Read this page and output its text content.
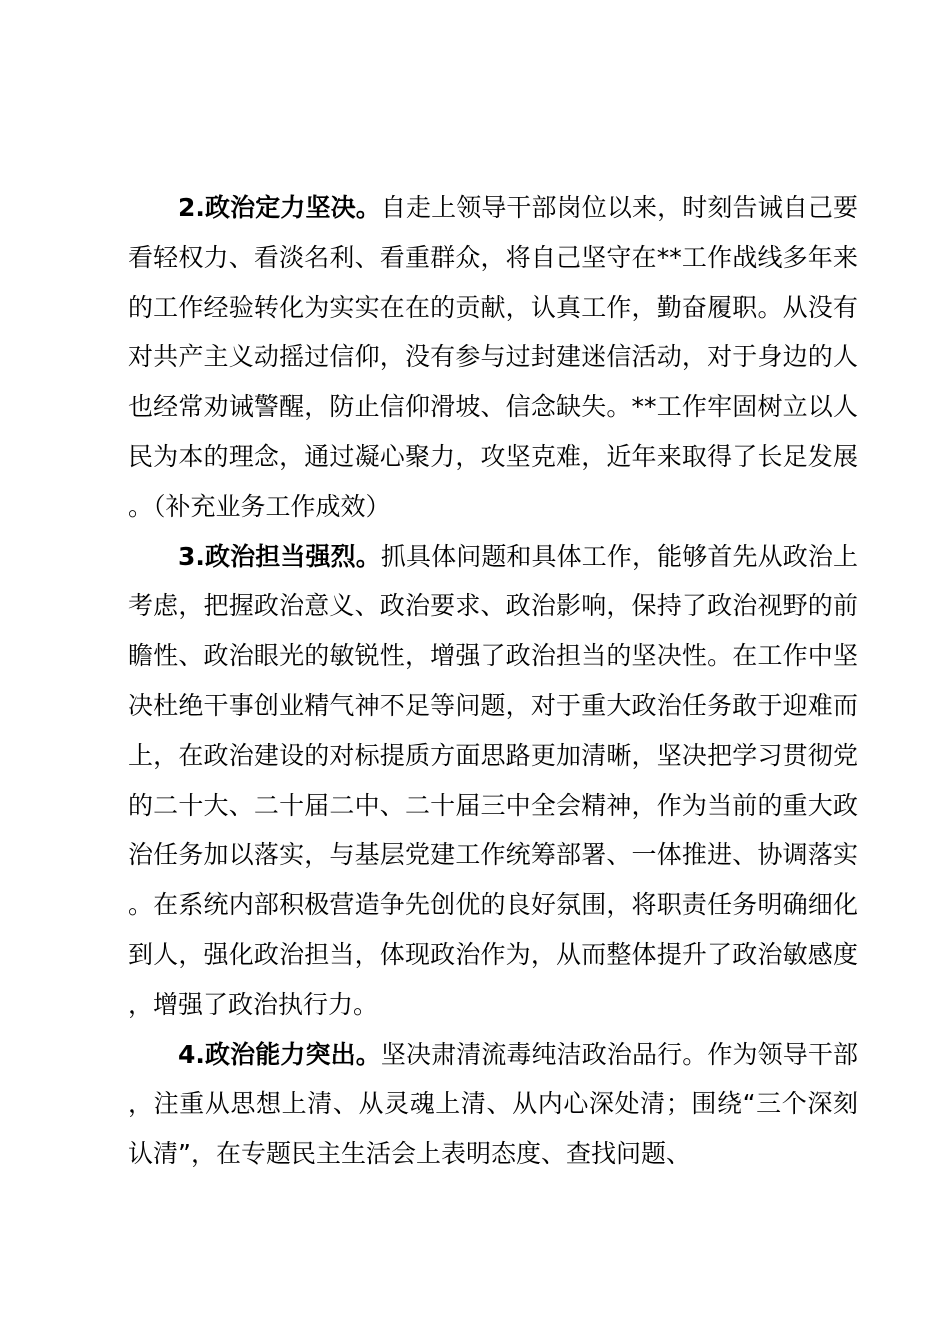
2.政治定力坚决。自走上领导干部岗位以来，时刻告诫自己要看轻权力、看淡名利、看重群众，将自己坚守在**工作战线多年来的工作经验转化为实实在在的贡献，认真工作，勤奋履职。从没有对共产主义动摇过信仰，没有参与过封建迷信活动，对于身边的人也经常劝诫警醒，防止信仰滑坡、信念缺失。**工作牢固树立以人民为本的理念，通过凝心聚力，攻坚克难，近年来取得了长足发展。（补充业务工作成效）

3.政治担当强烈。抓具体问题和具体工作，能够首先从政治上考虑，把握政治意义、政治要求、政治影响，保持了政治视野的前瞻性、政治眼光的敏锐性，增强了政治担当的坚决性。在工作中坚决杜绝干事创业精气神不足等问题，对于重大政治任务敢于迎难而上，在政治建设的对标提质方面思路更加清晰，坚决把学习贯彻党的二十大、二十届二中、二十届三中全会精神，作为当前的重大政治任务加以落实，与基层党建工作统筹部署、一体推进、协调落实。在系统内部积极营造争先创优的良好氛围，将职责任务明确细化到人，强化政治担当，体现政治作为，从而整体提升了政治敏感度，增强了政治执行力。

4.政治能力突出。坚决肃清流毒纯洁政治品行。作为领导干部，注重从思想上清、从灵魂上清、从内心深处清；围绕“三个深刻认清”，在专题民主生活会上表明态度、查找问题、
